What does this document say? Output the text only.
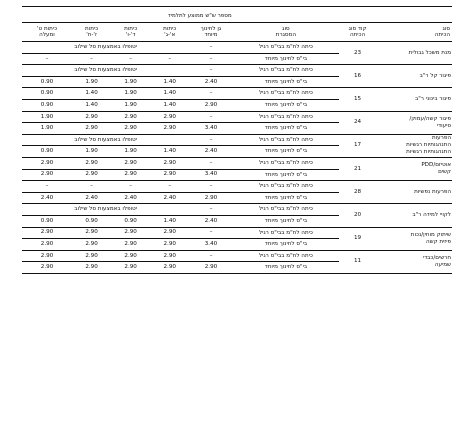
			מספר ש"ש ממוצע לתלמיד				
סוג
הכיתה	קוד סוג
הכיתה	סוג
המסגרת	גן לחינוך
מיוחד	כיתות
א'-ג'	כיתות
ד'-ו'	כיתות
ז'-ח'	כיתות ט'
ומעלה
מנת משכל גבולית	23	כיתה לח"מ בבי"ס רגיל	–	יטופלו באמצעות סל שילוב			
		בי"ס לחינוך מיוחד	–	–	–	–	–
פיגור קל ר"ב	16	כיתה לח"מ בבי"ס רגיל	–	יטופלו באמצעות סל שילוב			
		בי"ס לחינוך מיוחד	2.40	1.40	1.90	1.90	0.90
פיגור בינוני ר"ב	15	כיתה לח"מ בבי"ס רגיל	–	1.40	1.90	1.40	0.90
		בי"ס לחינוך מיוחד	2.90	1.40	1.90	1.40	0.90
פיגור קשה/עמוק/
סיעודי	24	כיתה לח"מ בבי"ס רגיל	–	2.90	2.90	2.90	1.90
		בי"ס לחינוך מיוחד	3.40	2.90	2.90	2.90	1.90
הפרעות
התנהגותיות רגשיות
התנהגותיות רגשיות	17	כיתה לח"מ בבי"ס רגיל	–	יטופלו באמצעות סל שילוב			
		בי"ס לחינוך מיוחד	2.40	1.40	1.90	1.90	0.90
אוטיזם/PDD
קשים	21	כיתה לח"מ בבי"ס רגיל	–	2.90	2.90	2.90	2.90
		בי"ס לחינוך מיוחד	3.40	2.90	2.90	2.90	2.90
הפרעות נפשיות	28	כיתה לח"מ בבי"ס רגיל	–	–	–	–	–
		בי"ס לחינוך מיוחד	2.90	2.40	2.40	2.40	2.40
לקויי למידה ר"ב	20	כיתה לח"מ בבי"ס רגיל	–	יטופלו באמצעות סל שילוב			
		בי"ס לחינוך מיוחד	2.40	1.40	0.90	0.90	0.90
שיתוק מוחין/נכות
פיזית קשה	19	כיתה לח"מ בבי"ס רגיל	–	2.90	2.90	2.90	2.90
		בי"ס לחינוך מיוחד	3.40	2.90	2.90	2.90	2.90
חרשים/כבדי
שמיעה	11	כיתה לח"מ בבי"ס רגיל	–	2.90	2.90	2.90	2.90
		בי"ס לחינוך מיוחד	2.90	2.90	2.90	2.90	2.90
